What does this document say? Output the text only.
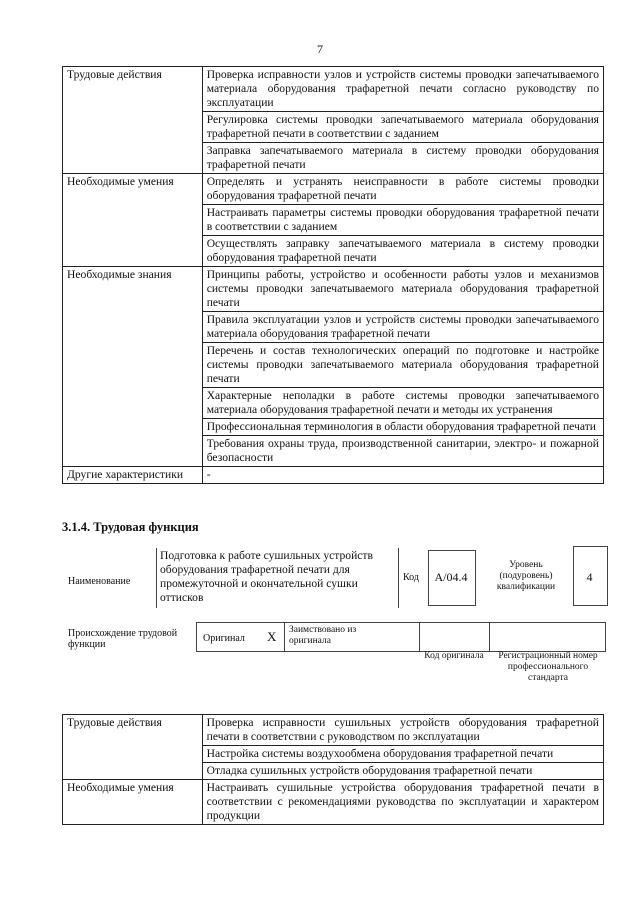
7
Трудовые действия	Проверка исправности узлов и устройств системы проводки запечатываемого материала оборудования трафаретной печати согласно руководству по эксплуатации
	Регулировка системы проводки запечатываемого материала оборудования трафаретной печати в соответствии с заданием
	Заправка запечатываемого материала в систему проводки оборудования трафаретной печати
Необходимые умения	Определять и устранять неисправности в работе системы проводки оборудования трафаретной печати
	Настраивать параметры системы проводки оборудования трафаретной печати в соответствии с заданием
	Осуществлять заправку запечатываемого материала в систему проводки оборудования трафаретной печати
Необходимые знания	Принципы работы, устройство и особенности работы узлов и механизмов системы проводки запечатываемого материала оборудования трафаретной печати
	Правила эксплуатации узлов и устройств системы проводки запечатываемого материала оборудования трафаретной печати
	Перечень и состав технологических операций по подготовке и настройке системы проводки запечатываемого материала оборудования трафаретной печати
	Характерные неполадки в работе системы проводки запечатываемого материала оборудования трафаретной печати и методы их устранения
	Профессиональная терминология в области оборудования трафаретной печати
	Требования охраны труда, производственной санитарии, электро- и пожарной безопасности
Другие характеристики	-
3.1.4. Трудовая функция
Наименование
Подготовка к работе сушильных устройств оборудования трафаретной печати для промежуточной и окончательной сушки оттисков
Код	A/04.4
Уровень (подуровень) квалификации
4
Происхождение трудовой функции
Оригинал X Заимствовано из оригинала
Код оригинала Регистрационный номер профессионального стандарта
Трудовые действия	Проверка исправности сушильных устройств оборудования трафаретной печати в соответствии с руководством по эксплуатации
	Настройка системы воздухообмена оборудования трафаретной печати
	Отладка сушильных устройств оборудования трафаретной печати
Необходимые умения	Настраивать сушильные устройства оборудования трафаретной печати в соответствии с рекомендациями руководства по эксплуатации и характером продукции
